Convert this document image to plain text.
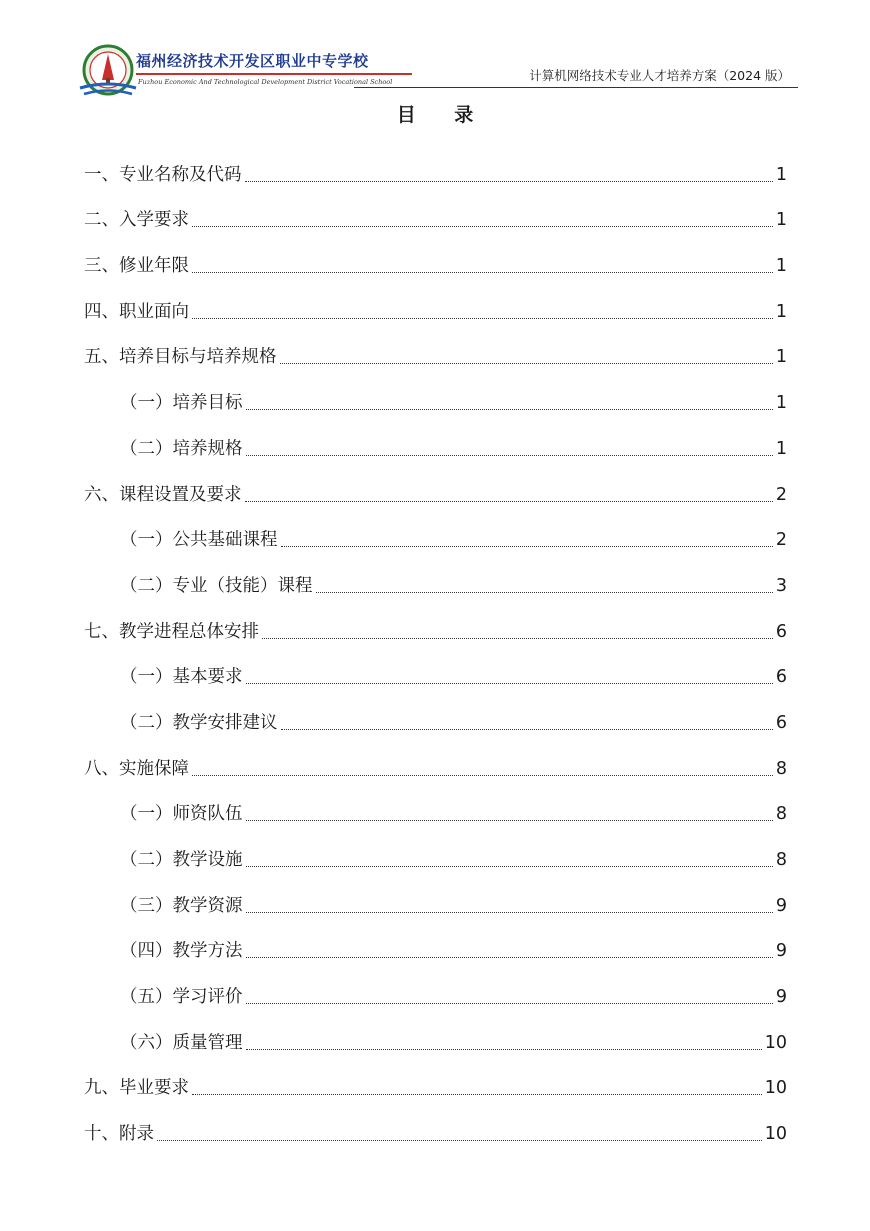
福州经济技术开发区职业中专学校
Fuzhou Economic And Technological Development District Vocational School	计算机网络技术专业人才培养方案（2024 版）
目 录
一、专业名称及代码	1
二、入学要求	1
三、修业年限	1
四、职业面向	1
五、培养目标与培养规格	1
（一）培养目标	1
（二）培养规格	1
六、课程设置及要求	2
（一）公共基础课程	2
（二）专业（技能）课程	3
七、教学进程总体安排	6
（一）基本要求	6
（二）教学安排建议	6
八、实施保障	8
（一）师资队伍	8
（二）教学设施	8
（三）教学资源	9
（四）教学方法	9
（五）学习评价	9
（六）质量管理	10
九、毕业要求	10
十、附录	10
